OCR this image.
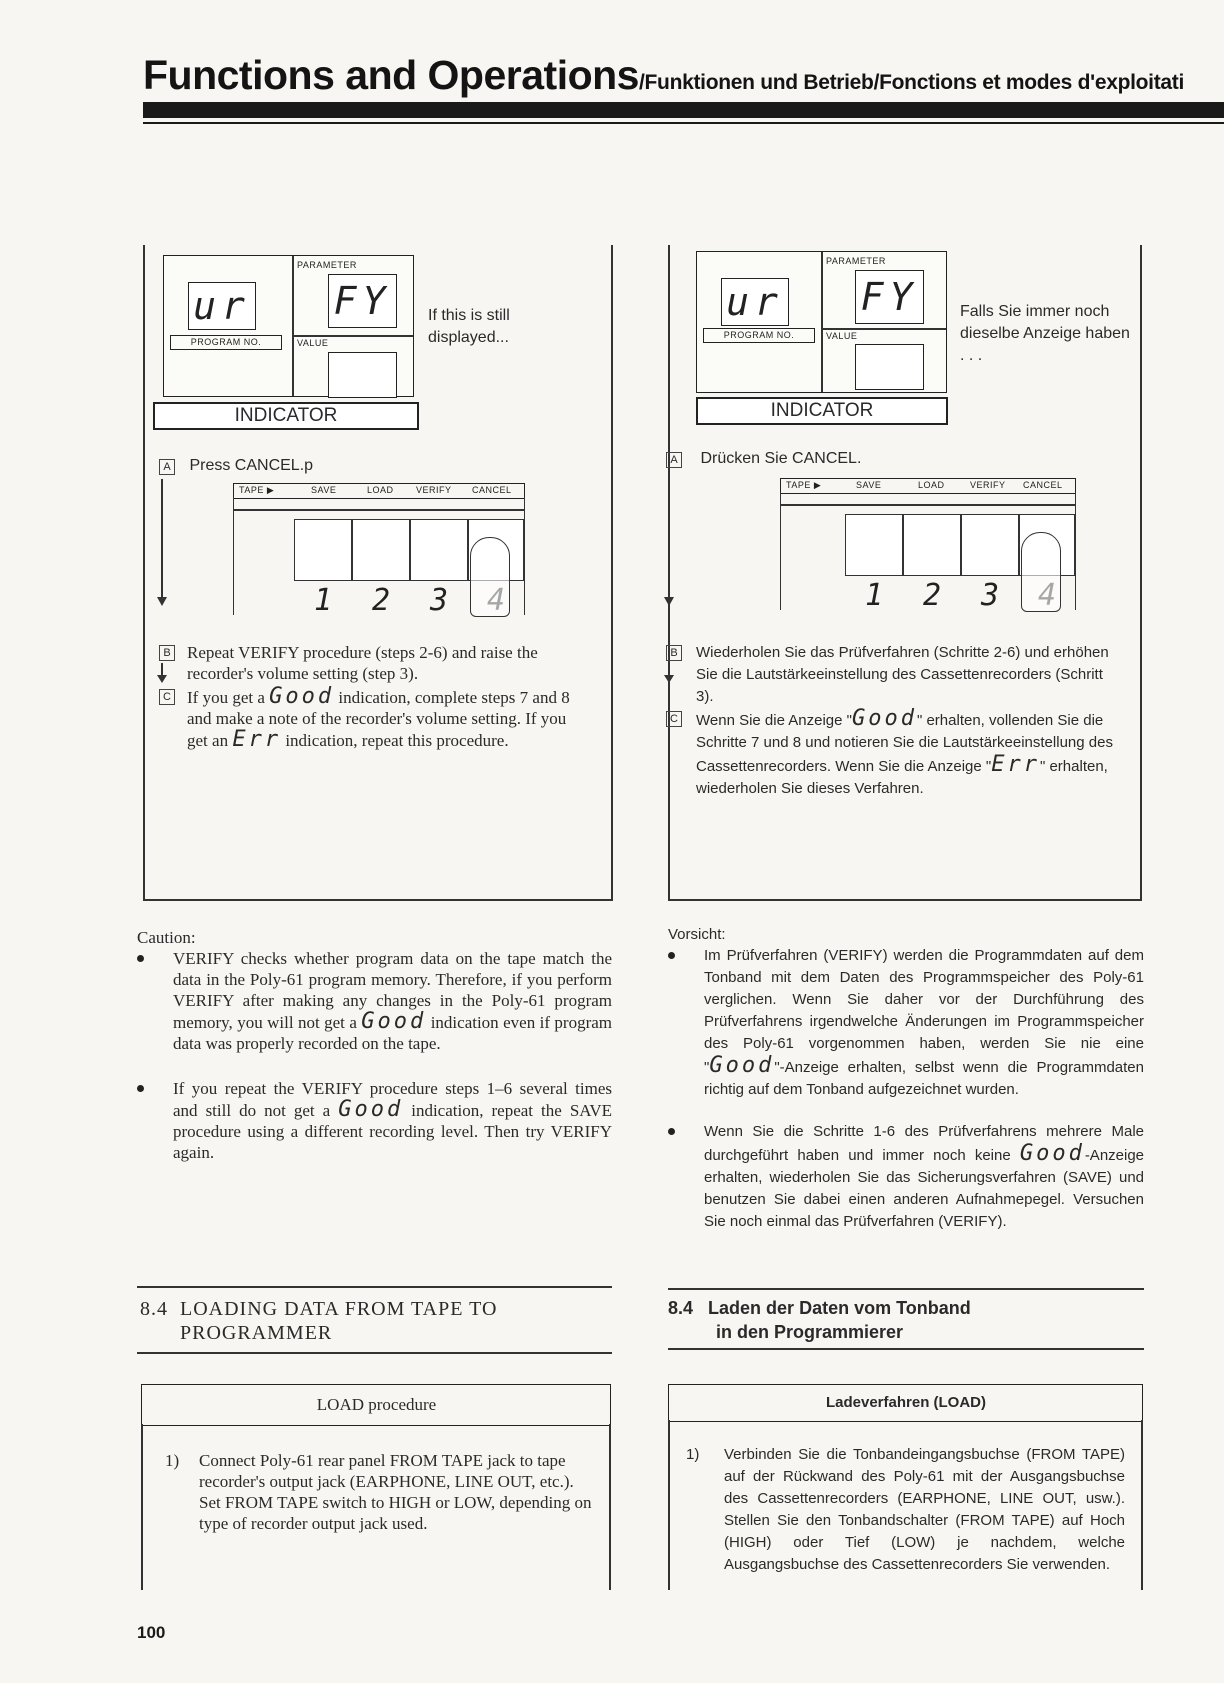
Functions and Operations/Funktionen und Betrieb/Fonctions et modes d'exploitati
PARAMETER
ur
PROGRAM NO.
FY
VALUE
INDICATOR
If this is still displayed...
A Press CANCEL.p
TAPE ▶	SAVE	LOAD VERIFY CANCEL
1	2	3
B Repeat VERIFY procedure (steps 2-6) and raise the recorder's volume setting (step 3).
C If you get a Good indication, complete steps 7 and 8 and make a note of the recorder's volume setting. If you get an Err indication, repeat this procedure.
PARAMETER
ur
PROGRAM NO.
FY
VALUE
INDICATOR
Falls Sie immer noch dieselbe Anzeige haben . . .
A Drücken Sie CANCEL.
TAPE ▶	SAVE	LOAD	VERIFY CANCEL
1	2	3
B Wiederholen Sie das Prüfverfahren (Schritte 2-6) und erhöhen Sie die Lautstärkeeinstellung des Cassettenrecorders (Schritt 3).
C Wenn Sie die Anzeige "Good" erhalten, vollenden Sie die Schritte 7 und 8 und notieren Sie die Lautstärkeeinstellung des Cassettenrecorders. Wenn Sie die Anzeige "Err" erhalten, wiederholen Sie dieses Verfahren.
Caution:
VERIFY checks whether program data on the tape match the data in the Poly-61 program memory. Therefore, if you perform VERIFY after making any changes in the Poly-61 program memory, you will not get a Good indication even if program data was properly recorded on the tape.
If you repeat the VERIFY procedure steps 1–6 several times and still do not get a Good indication, repeat the SAVE procedure using a different recording level. Then try VERIFY again.
Vorsicht:
Im Prüfverfahren (VERIFY) werden die Programmdaten auf dem Tonband mit dem Daten des Programmspeicher des Poly-61 verglichen. Wenn Sie daher vor der Durchführung des Prüfverfahrens irgendwelche Änderungen im Programmspeicher des Poly-61 vorgenommen haben, werden Sie nie eine "Good"-Anzeige erhalten, selbst wenn die Programmdaten richtig auf dem Tonband aufgezeichnet wurden.
Wenn Sie die Schritte 1-6 des Prüfverfahrens mehrere Male durchgeführt haben und immer noch keine Good-Anzeige erhalten, wiederholen Sie das Sicherungsverfahren (SAVE) und benutzen Sie dabei einen anderen Aufnahmepegel. Versuchen Sie noch einmal das Prüfverfahren (VERIFY).
8.4 LOADING DATA FROM TAPE TO
PROGRAMMER
8.4 Laden der Daten vom Tonband
in den Programmierer
LOAD procedure
1) Connect Poly-61 rear panel FROM TAPE jack to tape recorder's output jack (EARPHONE, LINE OUT, etc.). Set FROM TAPE switch to HIGH or LOW, depending on type of recorder output jack used.
Ladeverfahren (LOAD)
1) Verbinden Sie die Tonbandeingangsbuchse (FROM TAPE) auf der Rückwand des Poly-61 mit der Ausgangsbuchse des Cassettenrecorders (EARPHONE, LINE OUT, usw.). Stellen Sie den Tonbandschalter (FROM TAPE) auf Hoch (HIGH) oder Tief (LOW) je nachdem, welche Ausgangsbuchse des Cassettenrecorders Sie verwenden.
100
